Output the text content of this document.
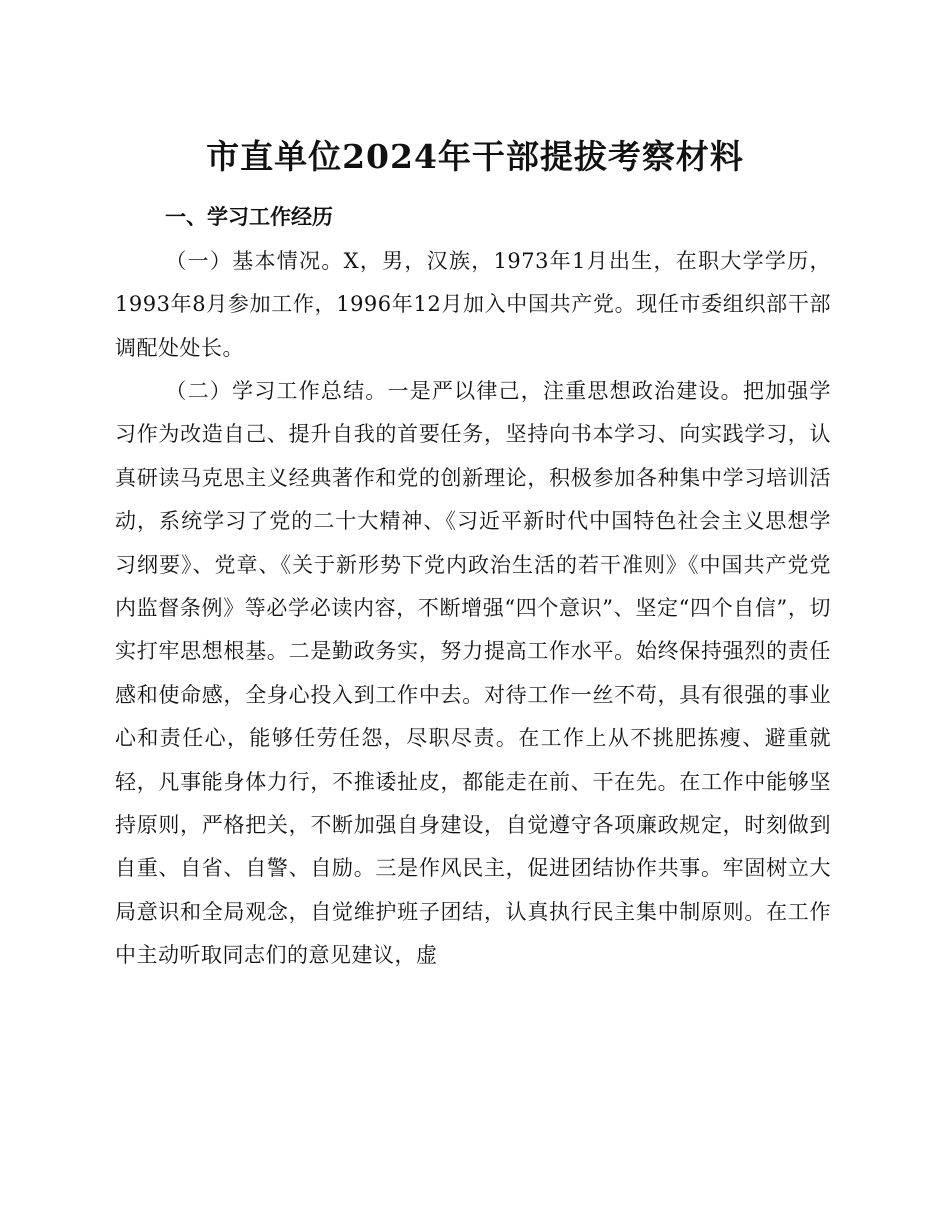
市直单位2024年干部提拔考察材料
一、学习工作经历

（一）基本情况。X，男，汉族，1973年1月出生，在职大学学历，1993年8月参加工作，1996年12月加入中国共产党。现任市委组织部干部调配处处长。

（二）学习工作总结。一是严以律己，注重思想政治建设。把加强学习作为改造自己、提升自我的首要任务，坚持向书本学习、向实践学习，认真研读马克思主义经典著作和党的创新理论，积极参加各种集中学习培训活动，系统学习了党的二十大精神、《习近平新时代中国特色社会主义思想学习纲要》、党章、《关于新形势下党内政治生活的若干准则》《中国共产党党内监督条例》等必学必读内容，不断增强“四个意识”、坚定“四个自信”，切实打牢思想根基。二是勤政务实，努力提高工作水平。始终保持强烈的责任感和使命感，全身心投入到工作中去。对待工作一丝不苟，具有很强的事业心和责任心，能够任劳任怨，尽职尽责。在工作上从不挑肥拣瘦、避重就轻，凡事能身体力行，不推诿扯皮，都能走在前、干在先。在工作中能够坚持原则，严格把关，不断加强自身建设，自觉遵守各项廉政规定，时刻做到自重、自省、自警、自励。三是作风民主，促进团结协作共事。牢固树立大局意识和全局观念，自觉维护班子团结，认真执行民主集中制原则。在工作中主动听取同志们的意见建议，虚
